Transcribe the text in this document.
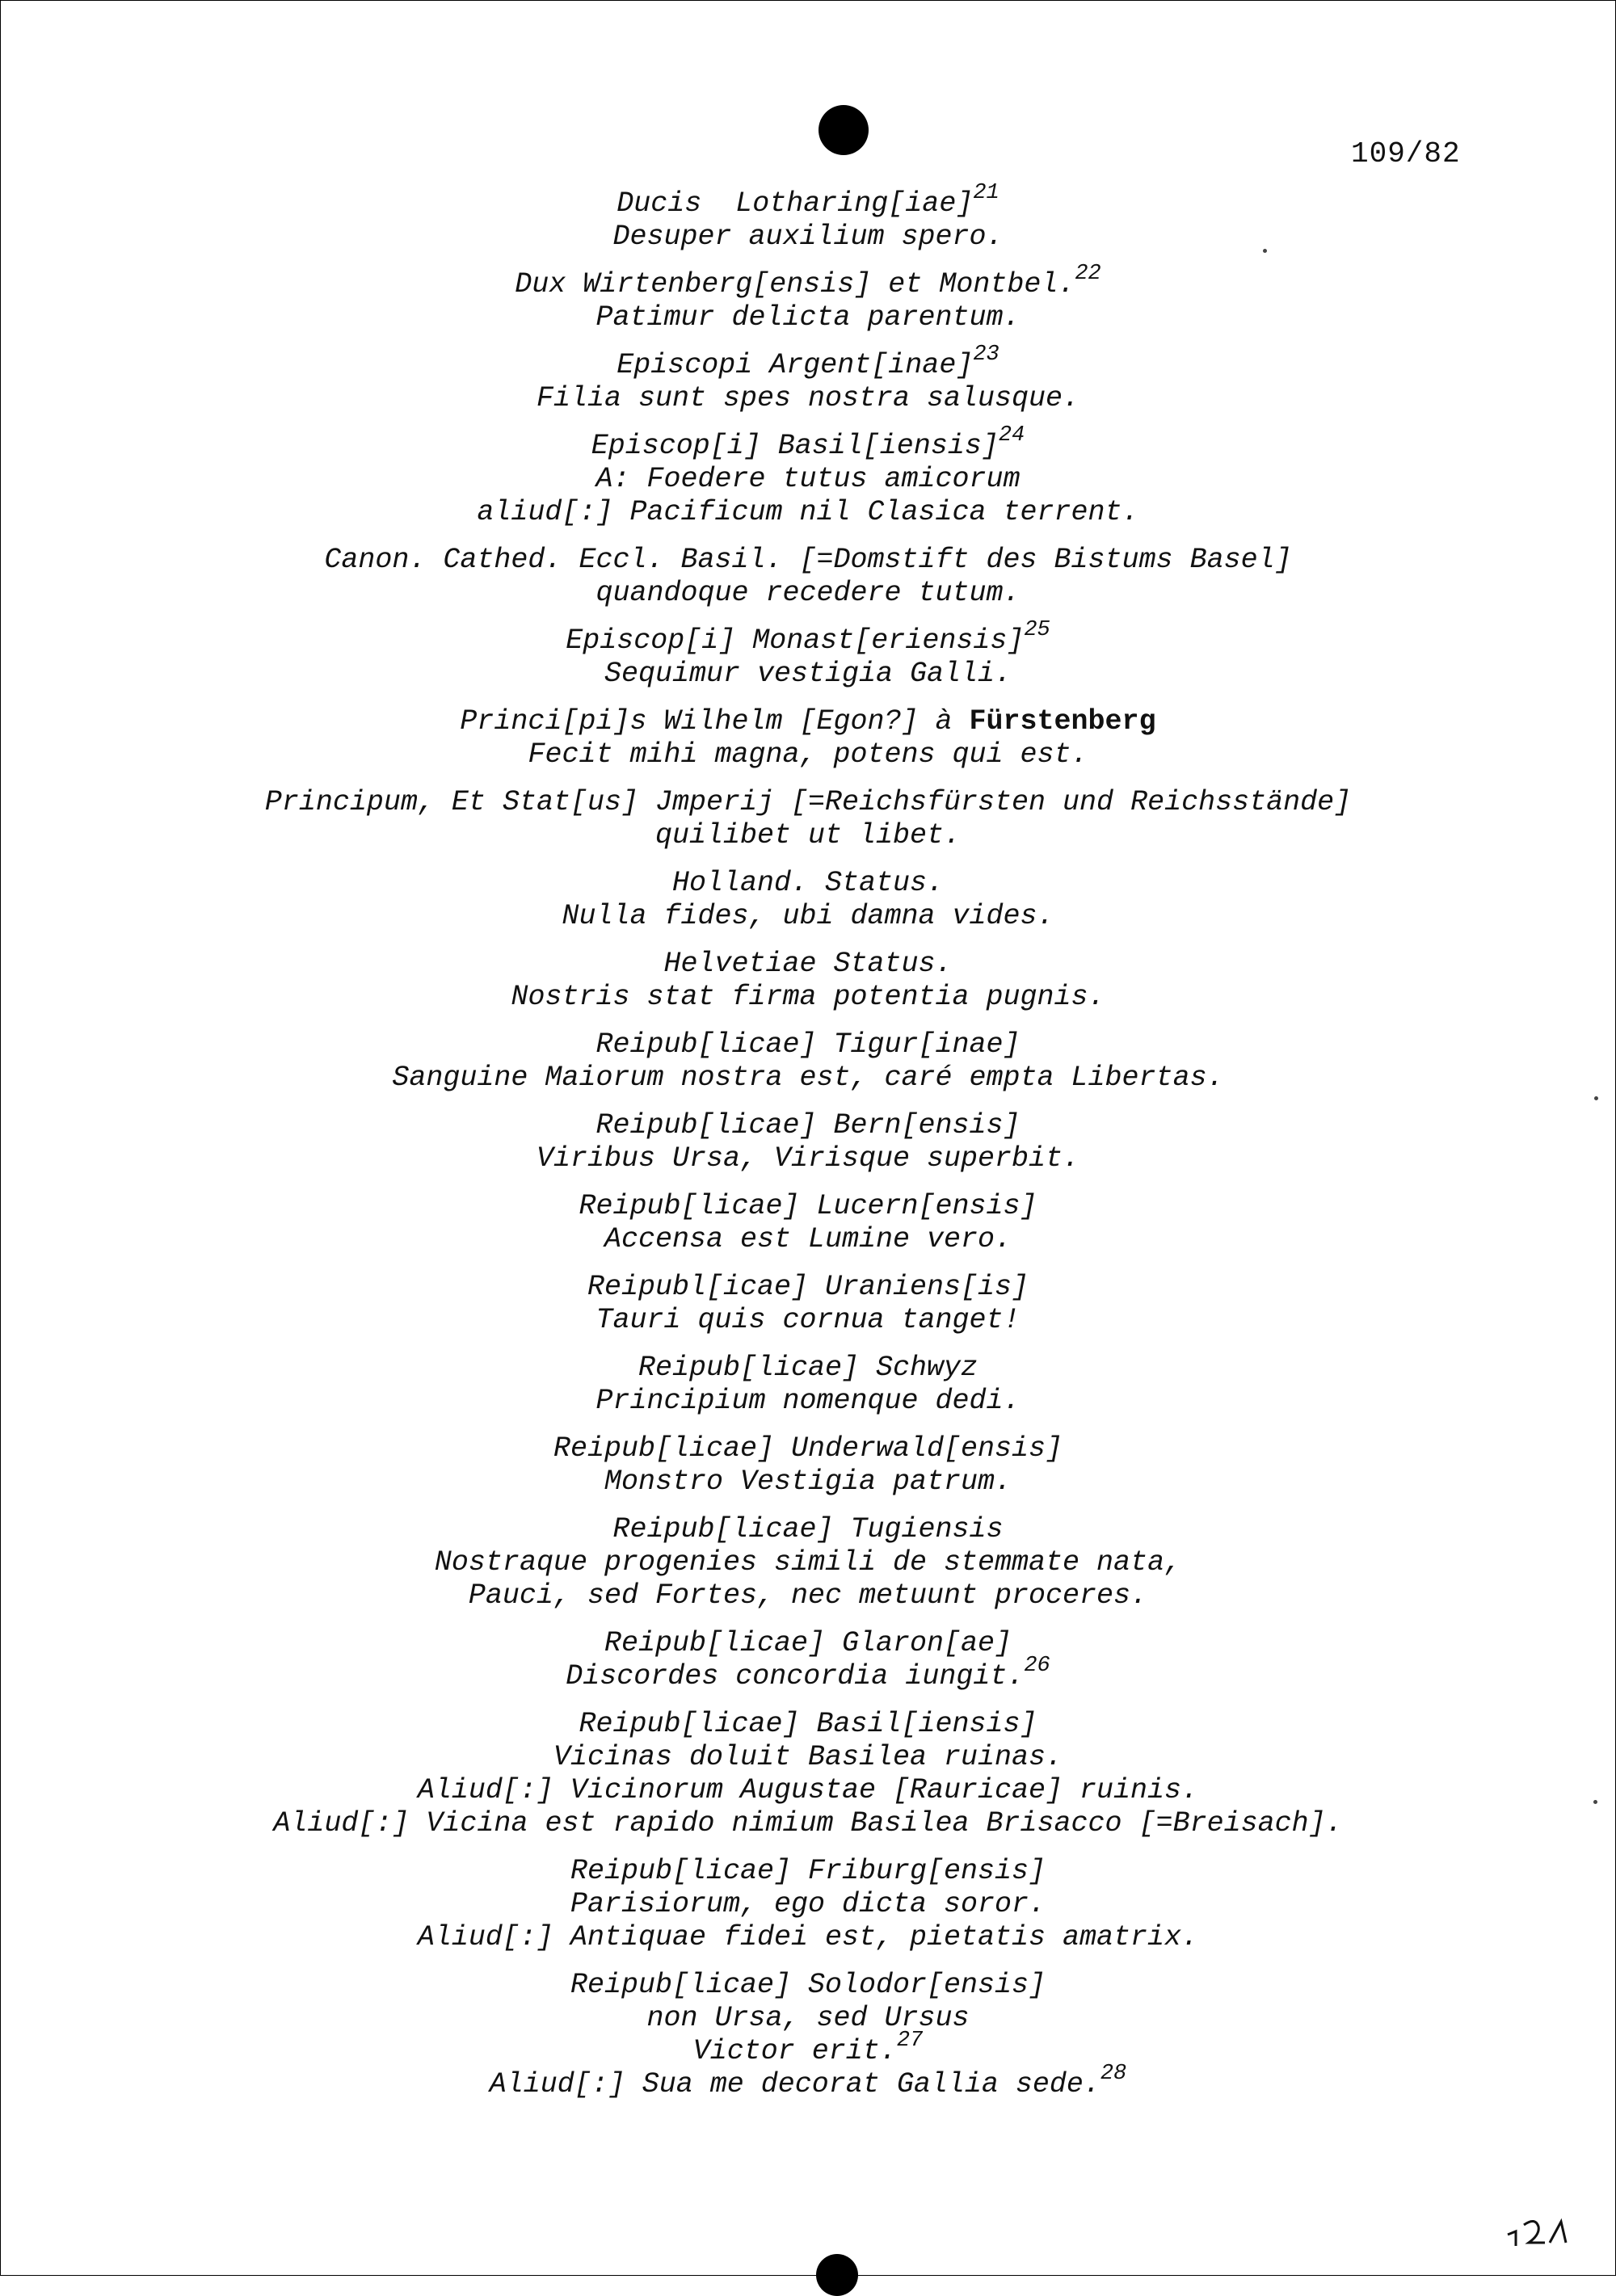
109/82
Ducis  Lotharing[iae]$^{21}$
Desuper auxilium spero.
Dux Wirtenberg[ensis] et Montbel.$^{22}$
Patimur delicta parentum.
Episcopi Argent[inae]$^{23}$
Filia sunt spes nostra salusque.
Episcop[i] Basil[iensis]$^{24}$
A: Foedere tutus amicorum
aliud[:] Pacificum nil Clasica terrent.
Canon. Cathed. Eccl. Basil. [=Domstift des Bistums Basel]
quandoque recedere tutum.
Episcop[i] Monast[eriensis]$^{25}$
Sequimur vestigia Galli.
Princi[pi]s Wilhelm [Egon?] à Fürstenberg
Fecit mihi magna, potens qui est.
Principum, Et Stat[us] Jmperij [=Reichsfürsten und Reichsstände]
quilibet ut libet.
Holland. Status.
Nulla fides, ubi damna vides.
Helvetiae Status.
Nostris stat firma potentia pugnis.
Reipub[licae] Tigur[inae]
Sanguine Maiorum nostra est, caré empta Libertas.
Reipub[licae] Bern[ensis]
Viribus Ursa, Virisque superbit.
Reipub[licae] Lucern[ensis]
Accensa est Lumine vero.
Reipubl[icae] Uraniens[is]
Tauri quis cornua tanget!
Reipub[licae] Schwyz
Principium nomenque dedi.
Reipub[licae] Underwald[ensis]
Monstro Vestigia patrum.
Reipub[licae] Tugiensis
Nostraque progenies simili de stemmate nata,
Pauci, sed Fortes, nec metuunt proceres.
Reipub[licae] Glaron[ae]
Discordes concordia iungit.$^{26}$
Reipub[licae] Basil[iensis]
Vicinas doluit Basilea ruinas.
Aliud[:] Vicinorum Augustae [Rauricae] ruinis.
Aliud[:] Vicina est rapido nimium Basilea Brisacco [=Breisach].
Reipub[licae] Friburg[ensis]
Parisiorum, ego dicta soror.
Aliud[:] Antiquae fidei est, pietatis amatrix.
Reipub[licae] Solodor[ensis]
non Ursa, sed Ursus
Victor erit.$^{27}$
Aliud[:] Sua me decorat Gallia sede.$^{28}$
